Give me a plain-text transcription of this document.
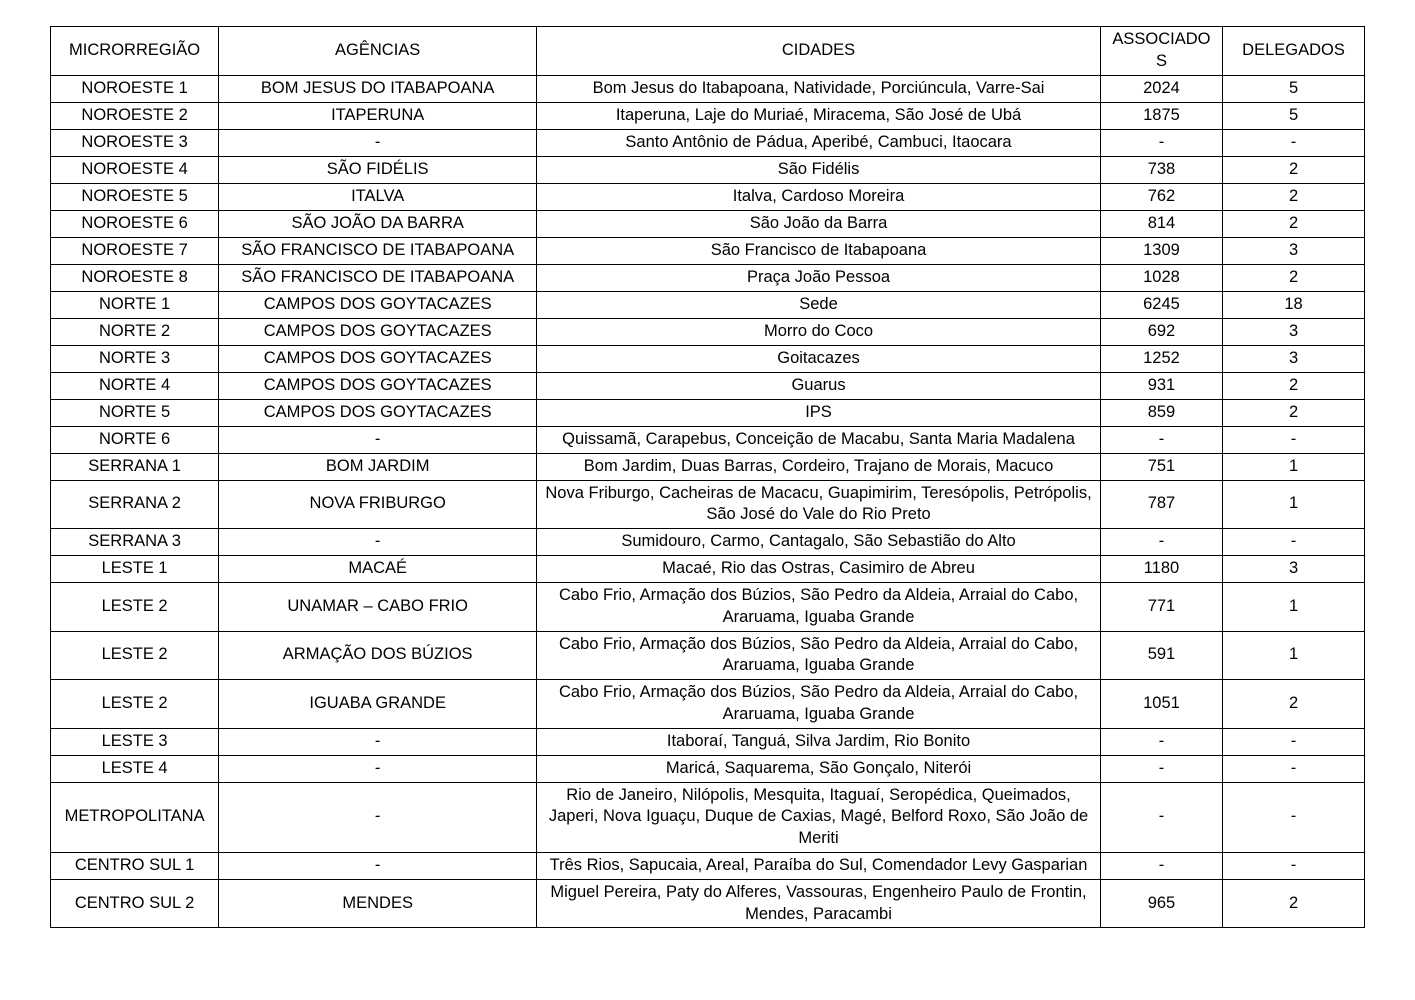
MICRORREGIÃO	AGÊNCIAS	CIDADES	ASSOCIADOS	DELEGADOS
NOROESTE 1	BOM JESUS DO ITABAPOANA	Bom Jesus do Itabapoana, Natividade, Porciúncula, Varre-Sai	2024	5
NOROESTE 2	ITAPERUNA	Itaperuna, Laje do Muriaé, Miracema, São José de Ubá	1875	5
NOROESTE 3	-	Santo Antônio de Pádua, Aperibé, Cambuci, Itaocara	-	-
NOROESTE 4	SÃO FIDÉLIS	São Fidélis	738	2
NOROESTE 5	ITALVA	Italva, Cardoso Moreira	762	2
NOROESTE 6	SÃO JOÃO DA BARRA	São João da Barra	814	2
NOROESTE 7	SÃO FRANCISCO DE ITABAPOANA	São Francisco de Itabapoana	1309	3
NOROESTE 8	SÃO FRANCISCO DE ITABAPOANA	Praça João Pessoa	1028	2
NORTE 1	CAMPOS DOS GOYTACAZES	Sede	6245	18
NORTE 2	CAMPOS DOS GOYTACAZES	Morro do Coco	692	3
NORTE 3	CAMPOS DOS GOYTACAZES	Goitacazes	1252	3
NORTE 4	CAMPOS DOS GOYTACAZES	Guarus	931	2
NORTE 5	CAMPOS DOS GOYTACAZES	IPS	859	2
NORTE 6	-	Quissamã, Carapebus, Conceição de Macabu, Santa Maria Madalena	-	-
SERRANA 1	BOM JARDIM	Bom Jardim, Duas Barras, Cordeiro, Trajano de Morais, Macuco	751	1
SERRANA 2	NOVA FRIBURGO	Nova Friburgo, Cacheiras de Macacu, Guapimirim, Teresópolis, Petrópolis, São José do Vale do Rio Preto	787	1
SERRANA 3	-	Sumidouro, Carmo, Cantagalo, São Sebastião do Alto	-	-
LESTE 1	MACAÉ	Macaé, Rio das Ostras, Casimiro de Abreu	1180	3
LESTE 2	UNAMAR – CABO FRIO	Cabo Frio, Armação dos Búzios, São Pedro da Aldeia, Arraial do Cabo, Araruama, Iguaba Grande	771	1
LESTE 2	ARMAÇÃO DOS BÚZIOS	Cabo Frio, Armação dos Búzios, São Pedro da Aldeia, Arraial do Cabo, Araruama, Iguaba Grande	591	1
LESTE 2	IGUABA GRANDE	Cabo Frio, Armação dos Búzios, São Pedro da Aldeia, Arraial do Cabo, Araruama, Iguaba Grande	1051	2
LESTE 3	-	Itaboraí, Tanguá, Silva Jardim, Rio Bonito	-	-
LESTE 4	-	Maricá, Saquarema, São Gonçalo, Niterói	-	-
METROPOLITANA	-	Rio de Janeiro, Nilópolis, Mesquita, Itaguaí, Seropédica, Queimados, Japeri, Nova Iguaçu, Duque de Caxias, Magé, Belford Roxo, São João de Meriti	-	-
CENTRO SUL 1	-	Três Rios, Sapucaia, Areal, Paraíba do Sul, Comendador Levy Gasparian	-	-
CENTRO SUL 2	MENDES	Miguel Pereira, Paty do Alferes, Vassouras, Engenheiro Paulo de Frontin, Mendes, Paracambi	965	2
